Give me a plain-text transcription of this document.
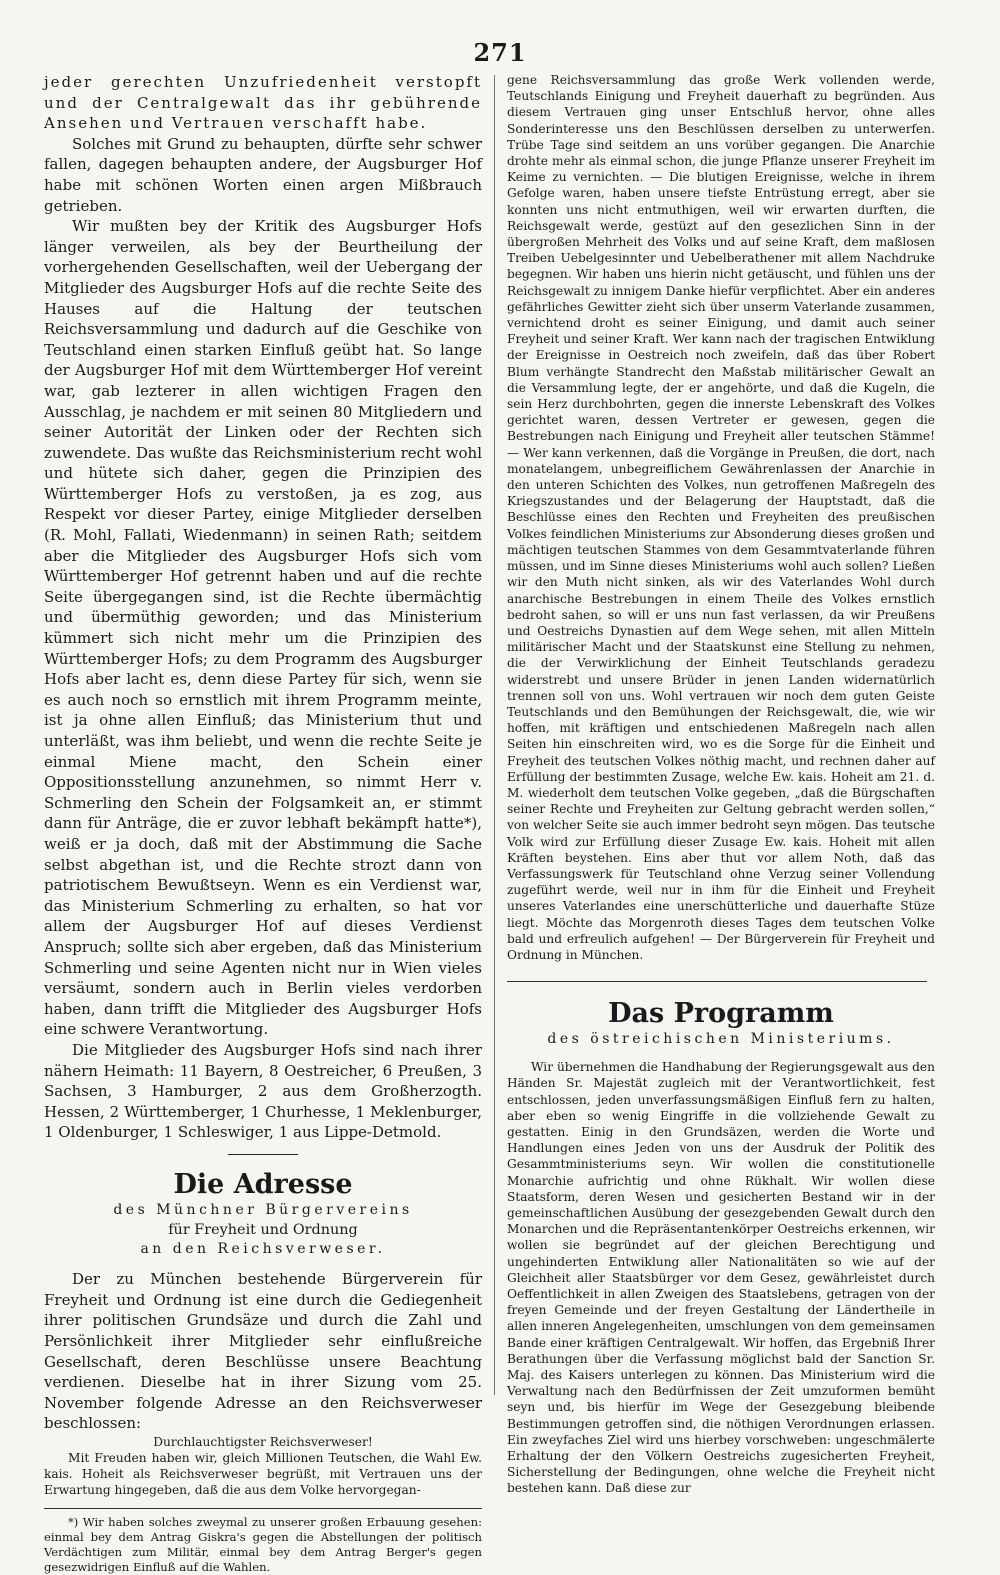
271

jeder gerechten Unzufriedenheit verstopft und der Centralgewalt das ihr gebührende Ansehen und Vertrauen verschafft habe.

Solches mit Grund zu behaupten, dürfte sehr schwer fallen, dagegen behaupten andere, der Augsburger Hof habe mit schönen Worten einen argen Mißbrauch getrieben.

Wir mußten bey der Kritik des Augsburger Hofs länger verweilen, als bey der Beurtheilung der vorhergehenden Gesellschaften, weil der Uebergang der Mitglieder des Augsburger Hofs auf die rechte Seite des Hauses auf die Haltung der teutschen Reichsversammlung und dadurch auf die Geschike von Teutschland einen starken Einfluß geübt hat. So lange der Augsburger Hof mit dem Württemberger Hof vereint war, gab lezterer in allen wichtigen Fragen den Ausschlag, je nachdem er mit seinen 80 Mitgliedern und seiner Autorität der Linken oder der Rechten sich zuwendete. Das wußte das Reichsministerium recht wohl und hütete sich daher, gegen die Prinzipien des Württemberger Hofs zu verstoßen, ja es zog, aus Respekt vor dieser Partey, einige Mitglieder derselben (R. Mohl, Fallati, Wiedenmann) in seinen Rath; seitdem aber die Mitglieder des Augsburger Hofs sich vom Württemberger Hof getrennt haben und auf die rechte Seite übergegangen sind, ist die Rechte übermächtig und übermüthig geworden; und das Ministerium kümmert sich nicht mehr um die Prinzipien des Württemberger Hofs; zu dem Programm des Augsburger Hofs aber lacht es, denn diese Partey für sich, wenn sie es auch noch so ernstlich mit ihrem Programm meinte, ist ja ohne allen Einfluß; das Ministerium thut und unterläßt, was ihm beliebt, und wenn die rechte Seite je einmal Miene macht, den Schein einer Oppositionsstellung anzunehmen, so nimmt Herr v. Schmerling den Schein der Folgsamkeit an, er stimmt dann für Anträge, die er zuvor lebhaft bekämpft hatte*), weiß er ja doch, daß mit der Abstimmung die Sache selbst abgethan ist, und die Rechte strozt dann von patriotischem Bewußtseyn. Wenn es ein Verdienst war, das Ministerium Schmerling zu erhalten, so hat vor allem der Augsburger Hof auf dieses Verdienst Anspruch; sollte sich aber ergeben, daß das Ministerium Schmerling und seine Agenten nicht nur in Wien vieles versäumt, sondern auch in Berlin vieles verdorben haben, dann trifft die Mitglieder des Augsburger Hofs eine schwere Verantwortung.

Die Mitglieder des Augsburger Hofs sind nach ihrer nähern Heimath: 11 Bayern, 8 Oestreicher, 6 Preußen, 3 Sachsen, 3 Hamburger, 2 aus dem Großherzogth. Hessen, 2 Württemberger, 1 Churhesse, 1 Meklenburger, 1 Oldenburger, 1 Schleswiger, 1 aus Lippe-Detmold.

Die Adresse

des Münchner Bürgervereins

für Freyheit und Ordnung

an den Reichsverweser.

Der zu München bestehende Bürgerverein für Freyheit und Ordnung ist eine durch die Gediegenheit ihrer politischen Grundsäze und durch die Zahl und Persönlichkeit ihrer Mitglieder sehr einflußreiche Gesellschaft, deren Beschlüsse unsere Beachtung verdienen. Dieselbe hat in ihrer Sizung vom 25. November folgende Adresse an den Reichsverweser beschlossen:

Durchlauchtigster Reichsverweser!

Mit Freuden haben wir, gleich Millionen Teutschen, die Wahl Ew. kais. Hoheit als Reichsverweser begrüßt, mit Vertrauen uns der Erwartung hingegeben, daß die aus dem Volke hervorgegan-

*) Wir haben solches zweymal zu unserer großen Erbauung gesehen: einmal bey dem Antrag Giskra's gegen die Abstellungen der politisch Verdächtigen zum Militär, einmal bey dem Antrag Berger's gegen gesezwidrigen Einfluß auf die Wahlen.

gene Reichsversammlung das große Werk vollenden werde, Teutschlands Einigung und Freyheit dauerhaft zu begründen. Aus diesem Vertrauen ging unser Entschluß hervor, ohne alles Sonderinteresse uns den Beschlüssen derselben zu unterwerfen. Trübe Tage sind seitdem an uns vorüber gegangen. Die Anarchie drohte mehr als einmal schon, die junge Pflanze unserer Freyheit im Keime zu vernichten. — Die blutigen Ereignisse, welche in ihrem Gefolge waren, haben unsere tiefste Entrüstung erregt, aber sie konnten uns nicht entmuthigen, weil wir erwarten durften, die Reichsgewalt werde, gestüzt auf den gesezlichen Sinn in der übergroßen Mehrheit des Volks und auf seine Kraft, dem maßlosen Treiben Uebelgesinnter und Uebelberathener mit allem Nachdruke begegnen. Wir haben uns hierin nicht getäuscht, und fühlen uns der Reichsgewalt zu innigem Danke hiefür verpflichtet. Aber ein anderes gefährliches Gewitter zieht sich über unserm Vaterlande zusammen, vernichtend droht es seiner Einigung, und damit auch seiner Freyheit und seiner Kraft. Wer kann nach der tragischen Entwiklung der Ereignisse in Oestreich noch zweifeln, daß das über Robert Blum verhängte Standrecht den Maßstab militärischer Gewalt an die Versammlung legte, der er angehörte, und daß die Kugeln, die sein Herz durchbohrten, gegen die innerste Lebenskraft des Volkes gerichtet waren, dessen Vertreter er gewesen, gegen die Bestrebungen nach Einigung und Freyheit aller teutschen Stämme! — Wer kann verkennen, daß die Vorgänge in Preußen, die dort, nach monatelangem, unbegreiflichem Gewährenlassen der Anarchie in den unteren Schichten des Volkes, nun getroffenen Maßregeln des Kriegszustandes und der Belagerung der Hauptstadt, daß die Beschlüsse eines den Rechten und Freyheiten des preußischen Volkes feindlichen Ministeriums zur Absonderung dieses großen und mächtigen teutschen Stammes von dem Gesammtvaterlande führen müssen, und im Sinne dieses Ministeriums wohl auch sollen? Ließen wir den Muth nicht sinken, als wir des Vaterlandes Wohl durch anarchische Bestrebungen in einem Theile des Volkes ernstlich bedroht sahen, so will er uns nun fast verlassen, da wir Preußens und Oestreichs Dynastien auf dem Wege sehen, mit allen Mitteln militärischer Macht und der Staatskunst eine Stellung zu nehmen, die der Verwirklichung der Einheit Teutschlands geradezu widerstrebt und unsere Brüder in jenen Landen widernatürlich trennen soll von uns. Wohl vertrauen wir noch dem guten Geiste Teutschlands und den Bemühungen der Reichsgewalt, die, wie wir hoffen, mit kräftigen und entschiedenen Maßregeln nach allen Seiten hin einschreiten wird, wo es die Sorge für die Einheit und Freyheit des teutschen Volkes nöthig macht, und rechnen daher auf Erfüllung der bestimmten Zusage, welche Ew. kais. Hoheit am 21. d. M. wiederholt dem teutschen Volke gegeben, „daß die Bürgschaften seiner Rechte und Freyheiten zur Geltung gebracht werden sollen,“ von welcher Seite sie auch immer bedroht seyn mögen. Das teutsche Volk wird zur Erfüllung dieser Zusage Ew. kais. Hoheit mit allen Kräften beystehen. Eins aber thut vor allem Noth, daß das Verfassungswerk für Teutschland ohne Verzug seiner Vollendung zugeführt werde, weil nur in ihm für die Einheit und Freyheit unseres Vaterlandes eine unerschütterliche und dauerhafte Stüze liegt. Möchte das Morgenroth dieses Tages dem teutschen Volke bald und erfreulich aufgehen! — Der Bürgerverein für Freyheit und Ordnung in München.

Das Programm

des östreichischen Ministeriums.

Wir übernehmen die Handhabung der Regierungsgewalt aus den Händen Sr. Majestät zugleich mit der Verantwortlichkeit, fest entschlossen, jeden unverfassungsmäßigen Einfluß fern zu halten, aber eben so wenig Eingriffe in die vollziehende Gewalt zu gestatten. Einig in den Grundsäzen, werden die Worte und Handlungen eines Jeden von uns der Ausdruk der Politik des Gesammtministeriums seyn. Wir wollen die constitutionelle Monarchie aufrichtig und ohne Rükhalt. Wir wollen diese Staatsform, deren Wesen und gesicherten Bestand wir in der gemeinschaftlichen Ausübung der gesezgebenden Gewalt durch den Monarchen und die Repräsentantenkörper Oestreichs erkennen, wir wollen sie begründet auf der gleichen Berechtigung und ungehinderten Entwiklung aller Nationalitäten so wie auf der Gleichheit aller Staatsbürger vor dem Gesez, gewährleistet durch Oeffentlichkeit in allen Zweigen des Staatslebens, getragen von der freyen Gemeinde und der freyen Gestaltung der Ländertheile in allen inneren Angelegenheiten, umschlungen von dem gemeinsamen Bande einer kräftigen Centralgewalt. Wir hoffen, das Ergebniß Ihrer Berathungen über die Verfassung möglichst bald der Sanction Sr. Maj. des Kaisers unterlegen zu können. Das Ministerium wird die Verwaltung nach den Bedürfnissen der Zeit umzuformen bemüht seyn und, bis hierfür im Wege der Gesezgebung bleibende Bestimmungen getroffen sind, die nöthigen Verordnungen erlassen. Ein zweyfaches Ziel wird uns hierbey vorschweben: ungeschmälerte Erhaltung der den Völkern Oestreichs zugesicherten Freyheit, Sicherstellung der Bedingungen, ohne welche die Freyheit nicht bestehen kann. Daß diese zur
